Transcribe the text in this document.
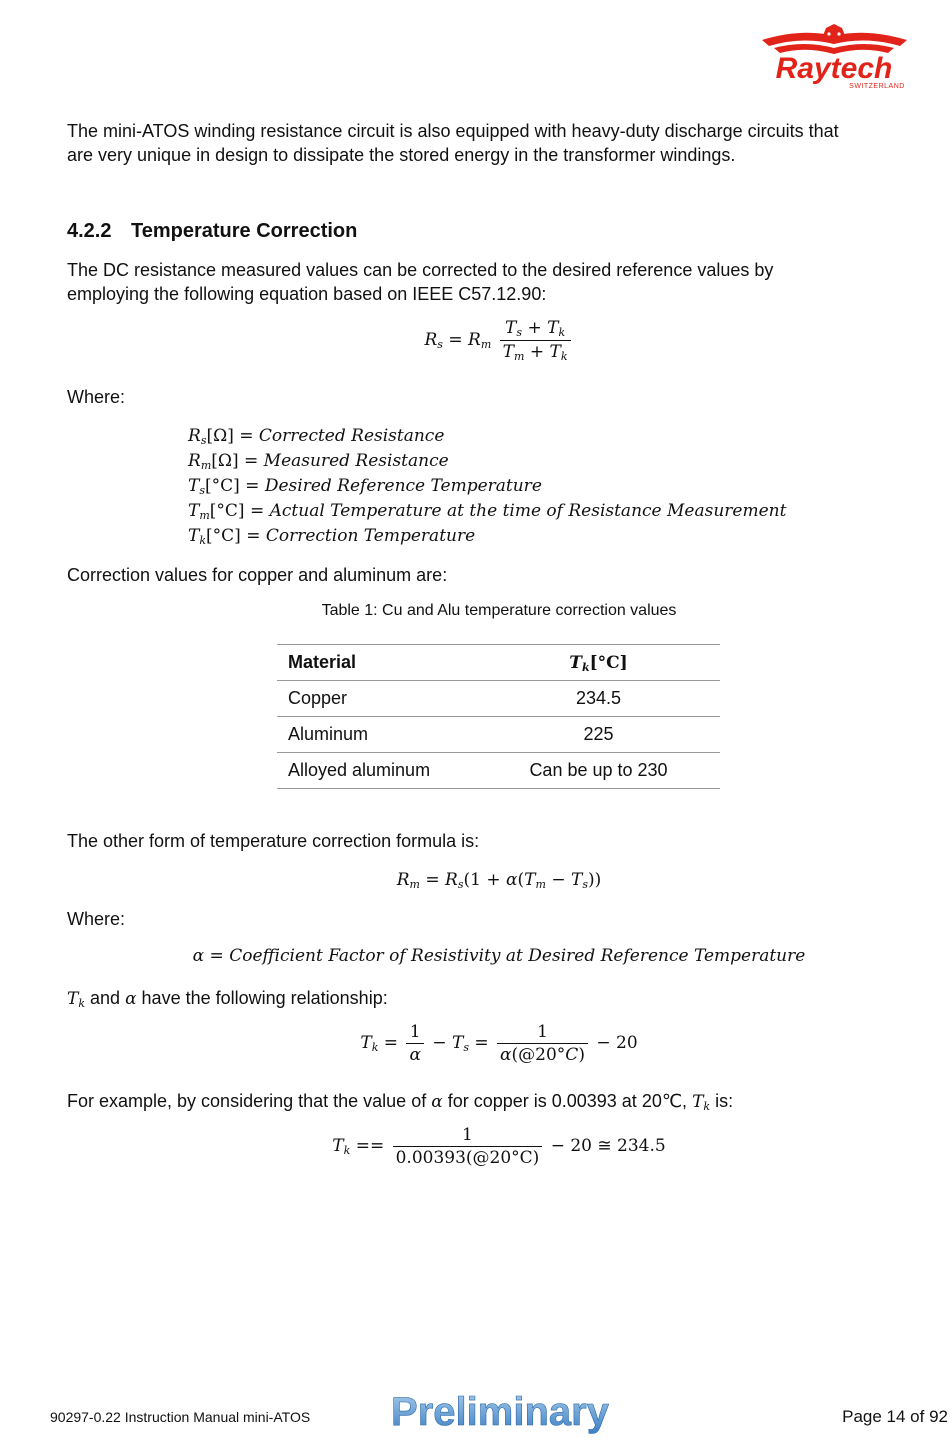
Raytech
SWITZERLAND
The mini-ATOS winding resistance circuit is also equipped with heavy-duty discharge circuits that
are very unique in design to dissipate the stored energy in the transformer windings.
4.2.2 Temperature Correction
The DC resistance measured values can be corrected to the desired reference values by
employing the following equation based on IEEE C57.12.90:
$R_s = R_m \frac{T_s + T_k}{T_m + T_k}$
Where:
$R_s[\Omega]$ = Corrected Resistance
$R_m[\Omega]$ = Measured Resistance
$T_s[^\circ C]$ = Desired Reference Temperature
$T_m[^\circ C]$ = Actual Temperature at the time of Resistance Measurement
$T_k[^\circ C]$ = Correction Temperature
Correction values for copper and aluminum are:
Table 1: Cu and Alu temperature correction values
Material	$T_k[^\circ C]$
Copper	234.5
Aluminum	225
Alloyed aluminum	Can be up to 230
The other form of temperature correction formula is:
$R_m = R_s(1 + \alpha(T_m - T_s))$
Where:
α = Coefficient Factor of Resistivity at Desired Reference Temperature
$T_k$ and α have the following relationship:
$T_k = \frac{1}{\alpha} - T_s = \frac{1}{\alpha(@20^\circ C)} - 20$
For example, by considering that the value of α for copper is 0.00393 at 20℃, $T_k$ is:
$T_k == \frac{1}{0.00393(@20^\circ C)} - 20$ ≅ 234.5
90297-0.22 Instruction Manual mini-ATOS Preliminary	Page 14 of 92
